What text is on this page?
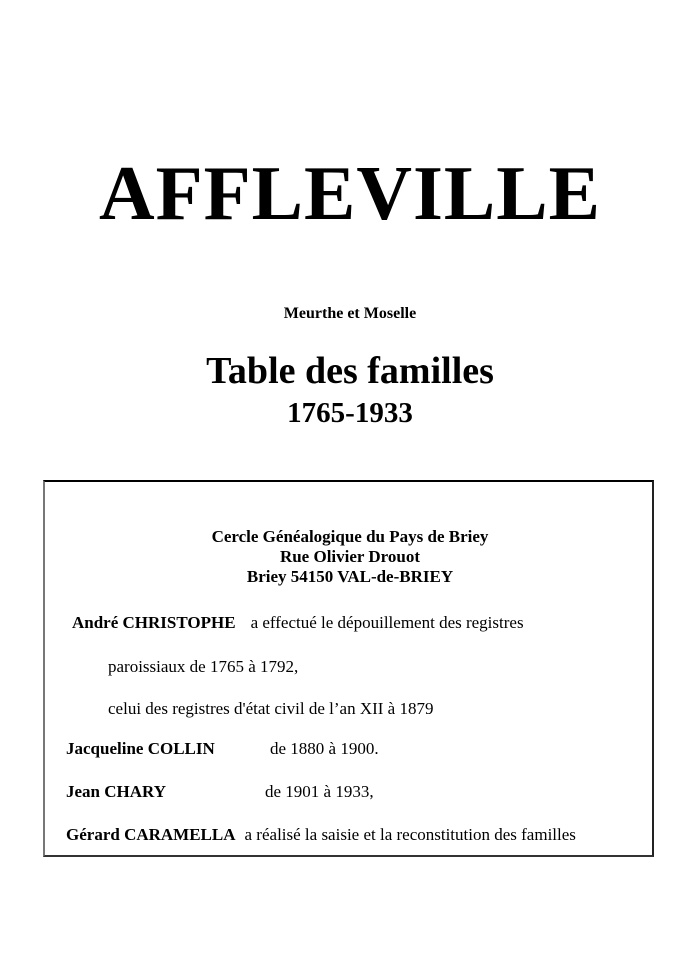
AFFLEVILLE
Meurthe et Moselle
Table des familles
1765-1933
Cercle Généalogique du Pays de Briey
Rue Olivier Drouot
Briey 54150 VAL-de-BRIEY
André CHRISTOPHE a effectué le dépouillement des registres
paroissiaux de 1765 à 1792,
celui des registres d'état civil de l’an XII à 1879
Jacqueline COLLIN	de 1880 à 1900.
Jean CHARY	de 1901 à 1933,
Gérard CARAMELLA a réalisé la saisie et la reconstitution des familles
